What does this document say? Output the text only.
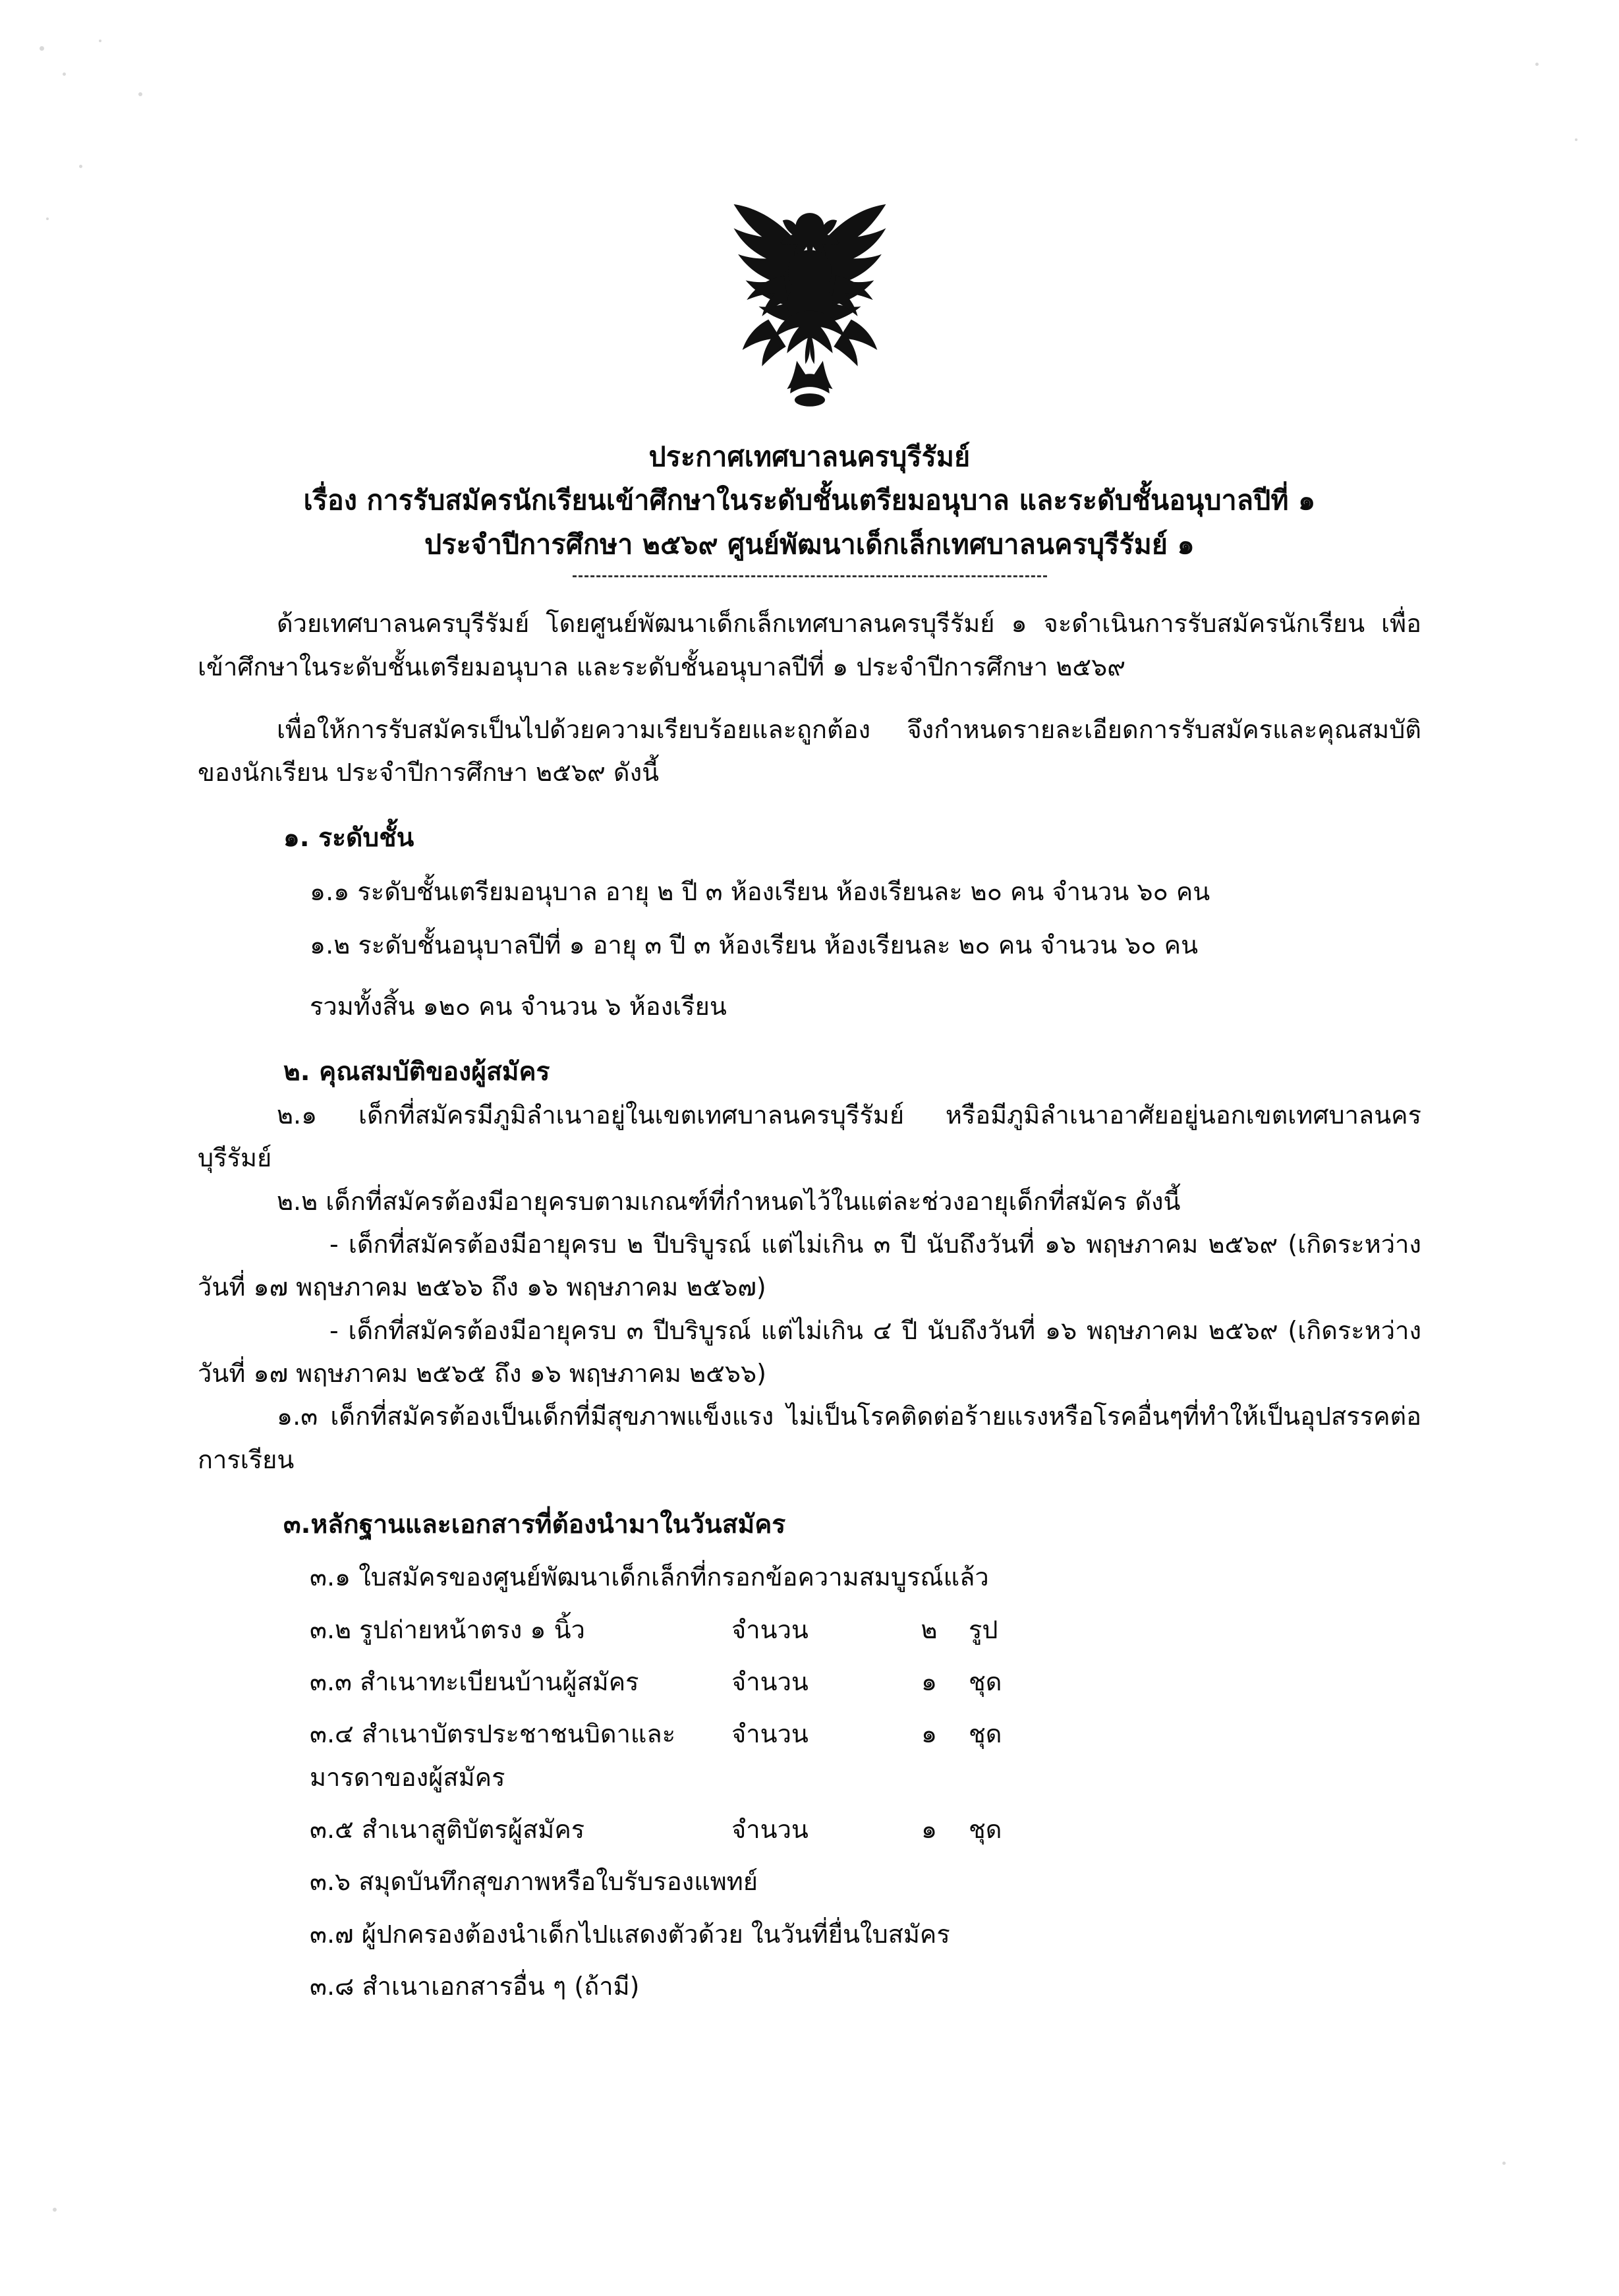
ประกาศเทศบาลนครบุรีรัมย์
เรื่อง การรับสมัครนักเรียนเข้าศึกษาในระดับชั้นเตรียมอนุบาล และระดับชั้นอนุบาลปีที่ ๑
ประจำปีการศึกษา ๒๕๖๙ ศูนย์พัฒนาเด็กเล็กเทศบาลนครบุรีรัมย์ ๑

ด้วยเทศบาลนครบุรีรัมย์ โดยศูนย์พัฒนาเด็กเล็กเทศบาลนครบุรีรัมย์ ๑ จะดำเนินการรับสมัครนักเรียน เพื่อเข้าศึกษาในระดับชั้นเตรียมอนุบาล และระดับชั้นอนุบาลปีที่ ๑ ประจำปีการศึกษา ๒๕๖๙

เพื่อให้การรับสมัครเป็นไปด้วยความเรียบร้อยและถูกต้อง จึงกำหนดรายละเอียดการรับสมัครและคุณสมบัติของนักเรียน ประจำปีการศึกษา ๒๕๖๙ ดังนี้

๑. ระดับชั้น
๑.๑ ระดับชั้นเตรียมอนุบาล อายุ ๒ ปี ๓ ห้องเรียน ห้องเรียนละ ๒๐ คน จำนวน ๖๐ คน
๑.๒ ระดับชั้นอนุบาลปีที่ ๑ อายุ ๓ ปี ๓ ห้องเรียน ห้องเรียนละ ๒๐ คน จำนวน ๖๐ คน
รวมทั้งสิ้น ๑๒๐ คน จำนวน ๖ ห้องเรียน
๒. คุณสมบัติของผู้สมัคร

๒.๑ เด็กที่สมัครมีภูมิลำเนาอยู่ในเขตเทศบาลนครบุรีรัมย์ หรือมีภูมิลำเนาอาศัยอยู่นอกเขตเทศบาลนครบุรีรัมย์

๒.๒ เด็กที่สมัครต้องมีอายุครบตามเกณฑ์ที่กำหนดไว้ในแต่ละช่วงอายุเด็กที่สมัคร ดังนี้

- เด็กที่สมัครต้องมีอายุครบ ๒ ปีบริบูรณ์ แต่ไม่เกิน ๓ ปี นับถึงวันที่ ๑๖ พฤษภาคม ๒๕๖๙ (เกิดระหว่างวันที่ ๑๗ พฤษภาคม ๒๕๖๖ ถึง ๑๖ พฤษภาคม ๒๕๖๗)

- เด็กที่สมัครต้องมีอายุครบ ๓ ปีบริบูรณ์ แต่ไม่เกิน ๔ ปี นับถึงวันที่ ๑๖ พฤษภาคม ๒๕๖๙ (เกิดระหว่างวันที่ ๑๗ พฤษภาคม ๒๕๖๕ ถึง ๑๖ พฤษภาคม ๒๕๖๖)

๑.๓ เด็กที่สมัครต้องเป็นเด็กที่มีสุขภาพแข็งแรง ไม่เป็นโรคติดต่อร้ายแรงหรือโรคอื่นๆที่ทำให้เป็นอุปสรรคต่อการเรียน

๓.หลักฐานและเอกสารที่ต้องนำมาในวันสมัคร
๓.๑ ใบสมัครของศูนย์พัฒนาเด็กเล็กที่กรอกข้อความสมบูรณ์แล้ว
๓.๒ รูปถ่ายหน้าตรง ๑ นิ้ว	จำนวน	๒	รูป
๓.๓ สำเนาทะเบียนบ้านผู้สมัคร	จำนวน	๑	ชุด
๓.๔ สำเนาบัตรประชาชนบิดาและมารดาของผู้สมัคร
จำนวน	๑	ชุด
๓.๕ สำเนาสูติบัตรผู้สมัคร	จำนวน	๑	ชุด
๓.๖ สมุดบันทึกสุขภาพหรือใบรับรองแพทย์
๓.๗ ผู้ปกครองต้องนำเด็กไปแสดงตัวด้วย ในวันที่ยื่นใบสมัคร
๓.๘ สำเนาเอกสารอื่น ๆ (ถ้ามี)
